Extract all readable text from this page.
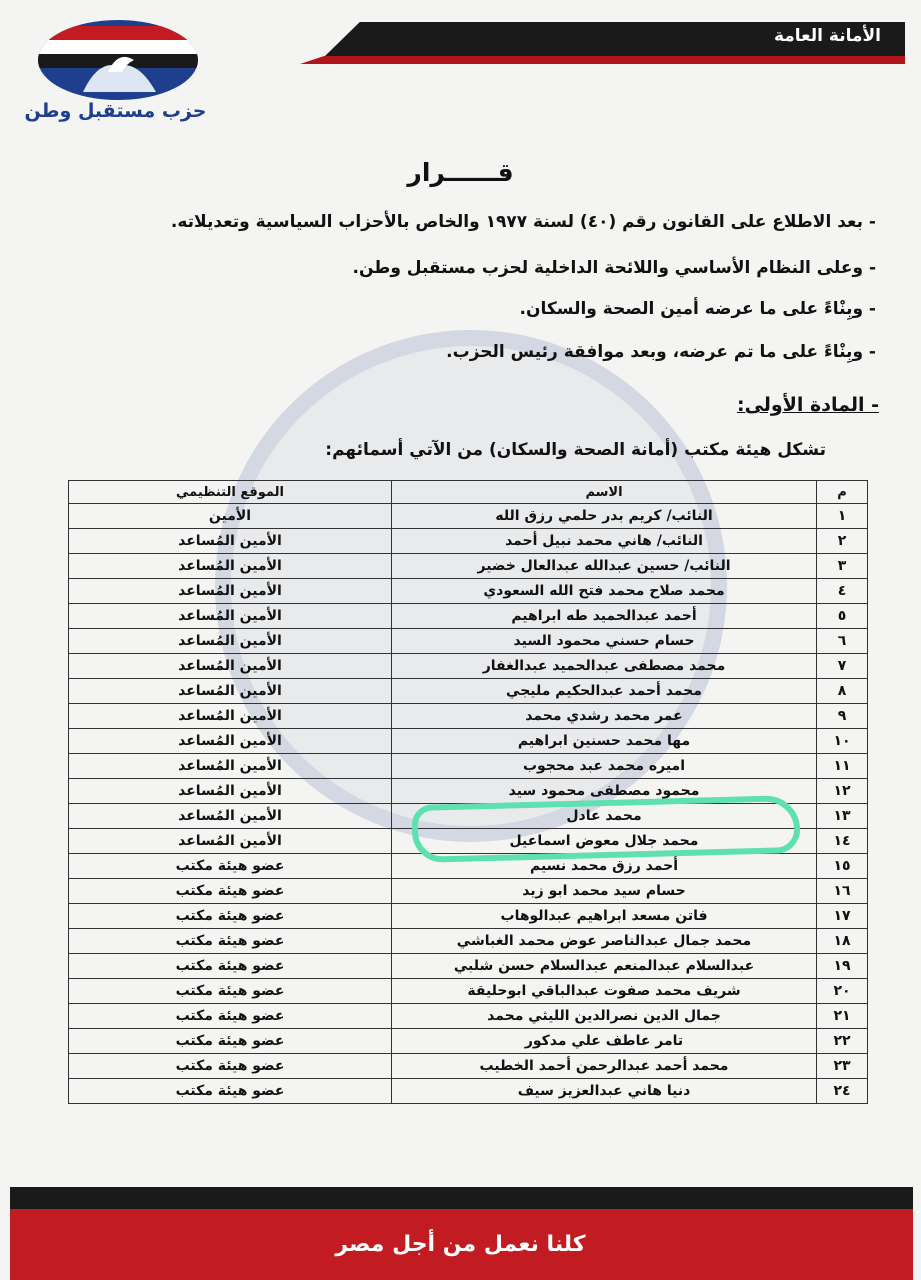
الأمانة العامة
حزب مستقبل وطن
قــــــرار
- بعد الاطلاع على القانون رقم (٤٠) لسنة ١٩٧٧ والخاص بالأحزاب السياسية وتعديلاته.
- وعلى النظام الأساسي واللائحة الداخلية لحزب مستقبل وطن.
- وبِنْاءً على ما عرضه أمين الصحة والسكان.
- وبِنْاءً على ما تم عرضه، وبعد موافقة رئيس الحزب.
- المادة الأولى:
تشكل هيئة مكتب (أمانة الصحة والسكان) من الآتي أسمائهم:
م	الاسم	الموقع التنظيمي
١	النائب/ كريم بدر حلمي رزق الله	الأمين
٢	النائب/ هاني محمد نبيل أحمد	الأمين المُساعد
٣	النائب/ حسين عبدالله عبدالعال خضير	الأمين المُساعد
٤	محمد صلاح محمد فتح الله السعودي	الأمين المُساعد
٥	أحمد عبدالحميد طه ابراهيم	الأمين المُساعد
٦	حسام حسني محمود السيد	الأمين المُساعد
٧	محمد مصطفى عبدالحميد عبدالغفار	الأمين المُساعد
٨	محمد أحمد عبدالحكيم مليجي	الأمين المُساعد
٩	عمر محمد رشدي محمد	الأمين المُساعد
١٠	مها محمد حسنين ابراهيم	الأمين المُساعد
١١	اميره محمد عبد محجوب	الأمين المُساعد
١٢	محمود مصطفى محمود سيد	الأمين المُساعد
١٣	محمد عادل	الأمين المُساعد
١٤	محمد جلال معوض اسماعيل	الأمين المُساعد
١٥	أحمد رزق محمد نسيم	عضو هيئة مكتب
١٦	حسام سيد محمد ابو زيد	عضو هيئة مكتب
١٧	فاتن مسعد ابراهيم عبدالوهاب	عضو هيئة مكتب
١٨	محمد جمال عبدالناصر عوض محمد الغباشي	عضو هيئة مكتب
١٩	عبدالسلام عبدالمنعم عبدالسلام حسن شلبي	عضو هيئة مكتب
٢٠	شريف محمد صفوت عبدالباقي ابوحليقة	عضو هيئة مكتب
٢١	جمال الدين نصرالدين الليثي محمد	عضو هيئة مكتب
٢٢	تامر عاطف علي مدكور	عضو هيئة مكتب
٢٣	محمد أحمد عبدالرحمن أحمد الخطيب	عضو هيئة مكتب
٢٤	دنيا هاني عبدالعزيز سيف	عضو هيئة مكتب
كلنا نعمل من أجل مصر
